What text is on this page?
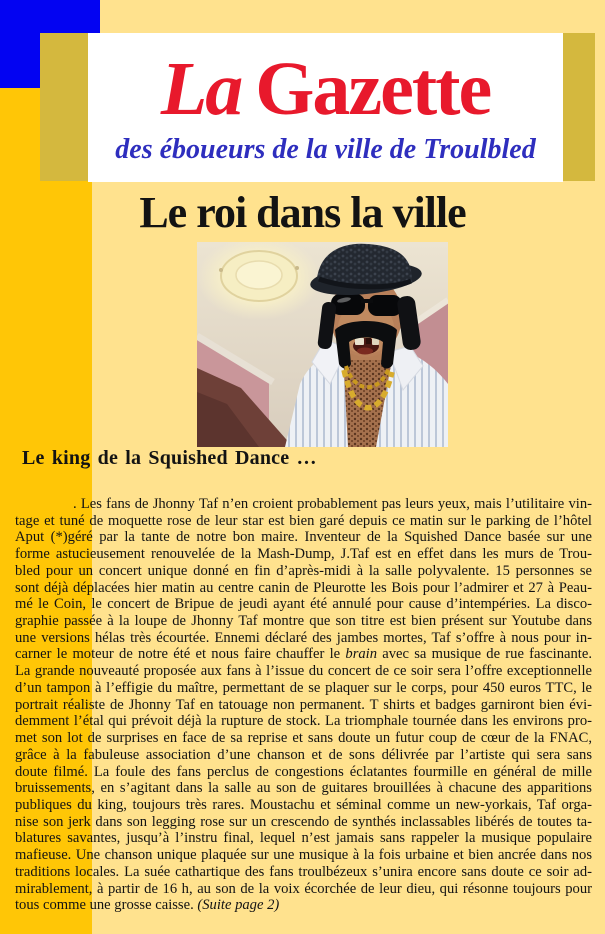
La Gazette
des éboueurs de la ville de Troulbled
Le roi dans la ville
Le king de la Squished Dance …
. Les fans de Jhonny Taf n’en croient probablement pas leurs yeux, mais l’utilitaire vin-
tage et tuné de moquette rose de leur star est bien garé depuis ce matin sur le parking de l’hôtel
Aput (*)géré par la tante de notre bon maire. Inventeur de la Squished Dance basée sur une
forme astucieusement renouvelée de la Mash-Dump, J.Taf est en effet dans les murs de Trou-
bled pour un concert unique donné en fin d’après-midi à la salle polyvalente. 15 personnes se
sont déjà déplacées hier matin au centre canin de Pleurotte les Bois pour l’admirer et 27 à Peau-
mé le Coin, le concert de Bripue de jeudi ayant été annulé pour cause d’intempéries. La disco-
graphie passée à la loupe de Jhonny Taf montre que son titre est bien présent sur Youtube dans
une versions hélas très écourtée. Ennemi déclaré des jambes mortes, Taf s’offre à nous pour in-
carner le moteur de notre été et nous faire chauffer le brain avec sa musique de rue fascinante.
La grande nouveauté proposée aux fans à l’issue du concert de ce soir sera l’offre exceptionnelle
d’un tampon à l’effigie du maître, permettant de se plaquer sur le corps, pour 450 euros TTC, le
portrait réaliste de Jhonny Taf en tatouage non permanent. T shirts et badges garniront bien évi-
demment l’étal qui prévoit déjà la rupture de stock. La triomphale tournée dans les environs pro-
met son lot de surprises en face de sa reprise et sans doute un futur coup de cœur de la FNAC,
grâce à la fabuleuse association d’une chanson et de sons délivrée par l’artiste qui sera sans
doute filmé. La foule des fans perclus de congestions éclatantes fourmille en général de mille
bruissements, en s’agitant dans la salle au son de guitares brouillées à chacune des apparitions
publiques du king, toujours très rares. Moustachu et séminal comme un new-yorkais, Taf orga-
nise son jerk dans son legging rose sur un crescendo de synthés inclassables libérés de toutes ta-
blatures savantes, jusqu’à l’instru final, lequel n’est jamais sans rappeler la musique populaire
mafieuse. Une chanson unique plaquée sur une musique à la fois urbaine et bien ancrée dans nos
traditions locales. La suée cathartique des fans troulbézeux s’unira encore sans doute ce soir ad-
mirablement, à partir de 16 h, au son de la voix écorchée de leur dieu, qui résonne toujours pour
tous comme une grosse caisse. (Suite page 2)
